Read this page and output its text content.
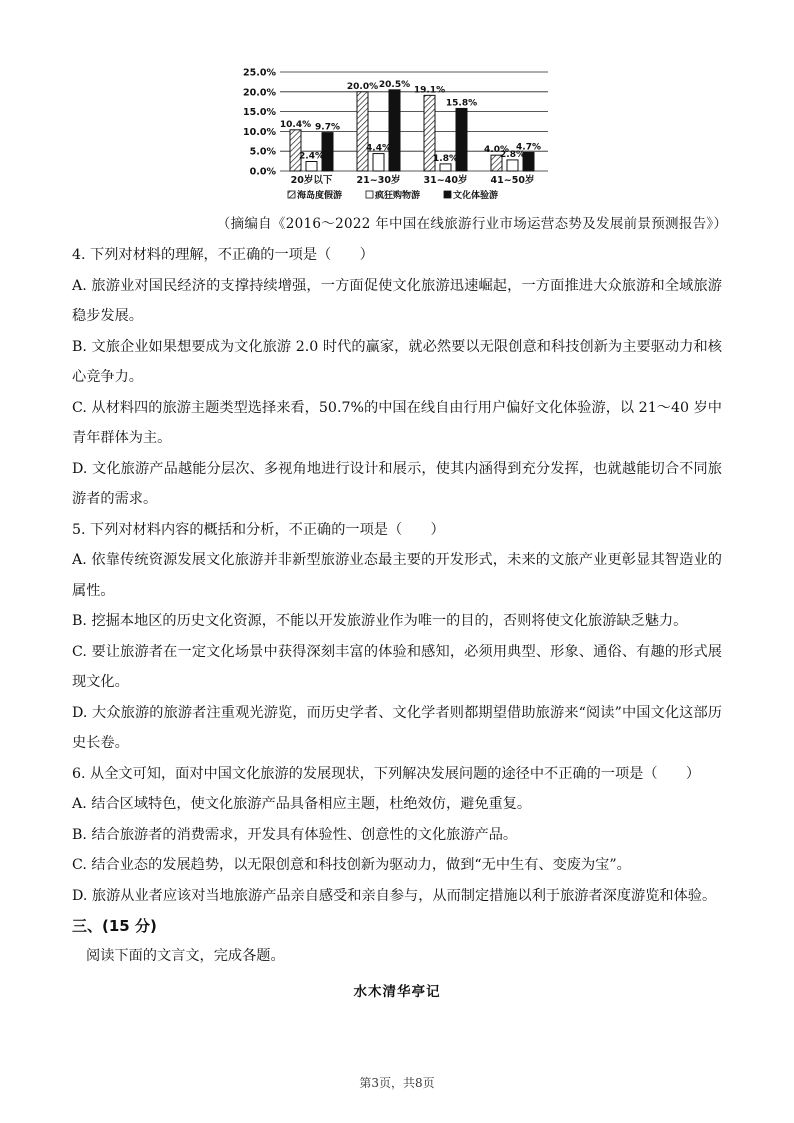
25.0%
20.0%
15.0%
10.0%
5.0%
0.0%
10.4%
2.4%
9.7%
20.0%
4.4%
20.5%
19.1%
1.8%
15.8%
4.0%
2.8%
4.7%
20岁以下	21~30岁 31~40岁 41~50岁
海岛度假游	疯狂购物游	文化体验游
（摘编自《2016～2022 年中国在线旅游行业市场运营态势及发展前景预测报告》）

4. 下列对材料的理解，不正确的一项是（　　）

A. 旅游业对国民经济的支撑持续增强，一方面促使文化旅游迅速崛起，一方面推进大众旅游和全域旅游稳步发展。

B. 文旅企业如果想要成为文化旅游 2.0 时代的赢家，就必然要以无限创意和科技创新为主要驱动力和核心竞争力。

C. 从材料四的旅游主题类型选择来看，50.7%的中国在线自由行用户偏好文化体验游，以 21～40 岁中青年群体为主。

D. 文化旅游产品越能分层次、多视角地进行设计和展示，使其内涵得到充分发挥，也就越能切合不同旅游者的需求。

5. 下列对材料内容的概括和分析，不正确的一项是（　　）

A. 依靠传统资源发展文化旅游并非新型旅游业态最主要的开发形式，未来的文旅产业更彰显其智造业的属性。

B. 挖掘本地区的历史文化资源，不能以开发旅游业作为唯一的目的，否则将使文化旅游缺乏魅力。

C. 要让旅游者在一定文化场景中获得深刻丰富的体验和感知，必须用典型、形象、通俗、有趣的形式展现文化。

D. 大众旅游的旅游者注重观光游览，而历史学者、文化学者则都期望借助旅游来“阅读”中国文化这部历史长卷。

6. 从全文可知，面对中国文化旅游的发展现状，下列解决发展问题的途径中不正确的一项是（　　）

A. 结合区域特色，使文化旅游产品具备相应主题，杜绝效仿，避免重复。

B. 结合旅游者的消费需求，开发具有体验性、创意性的文化旅游产品。

C. 结合业态的发展趋势，以无限创意和科技创新为驱动力，做到“无中生有、变废为宝”。

D. 旅游从业者应该对当地旅游产品亲自感受和亲自参与，从而制定措施以利于旅游者深度游览和体验。

三、(15 分)

阅读下面的文言文，完成各题。

水木清华亭记

第3页，共8页
